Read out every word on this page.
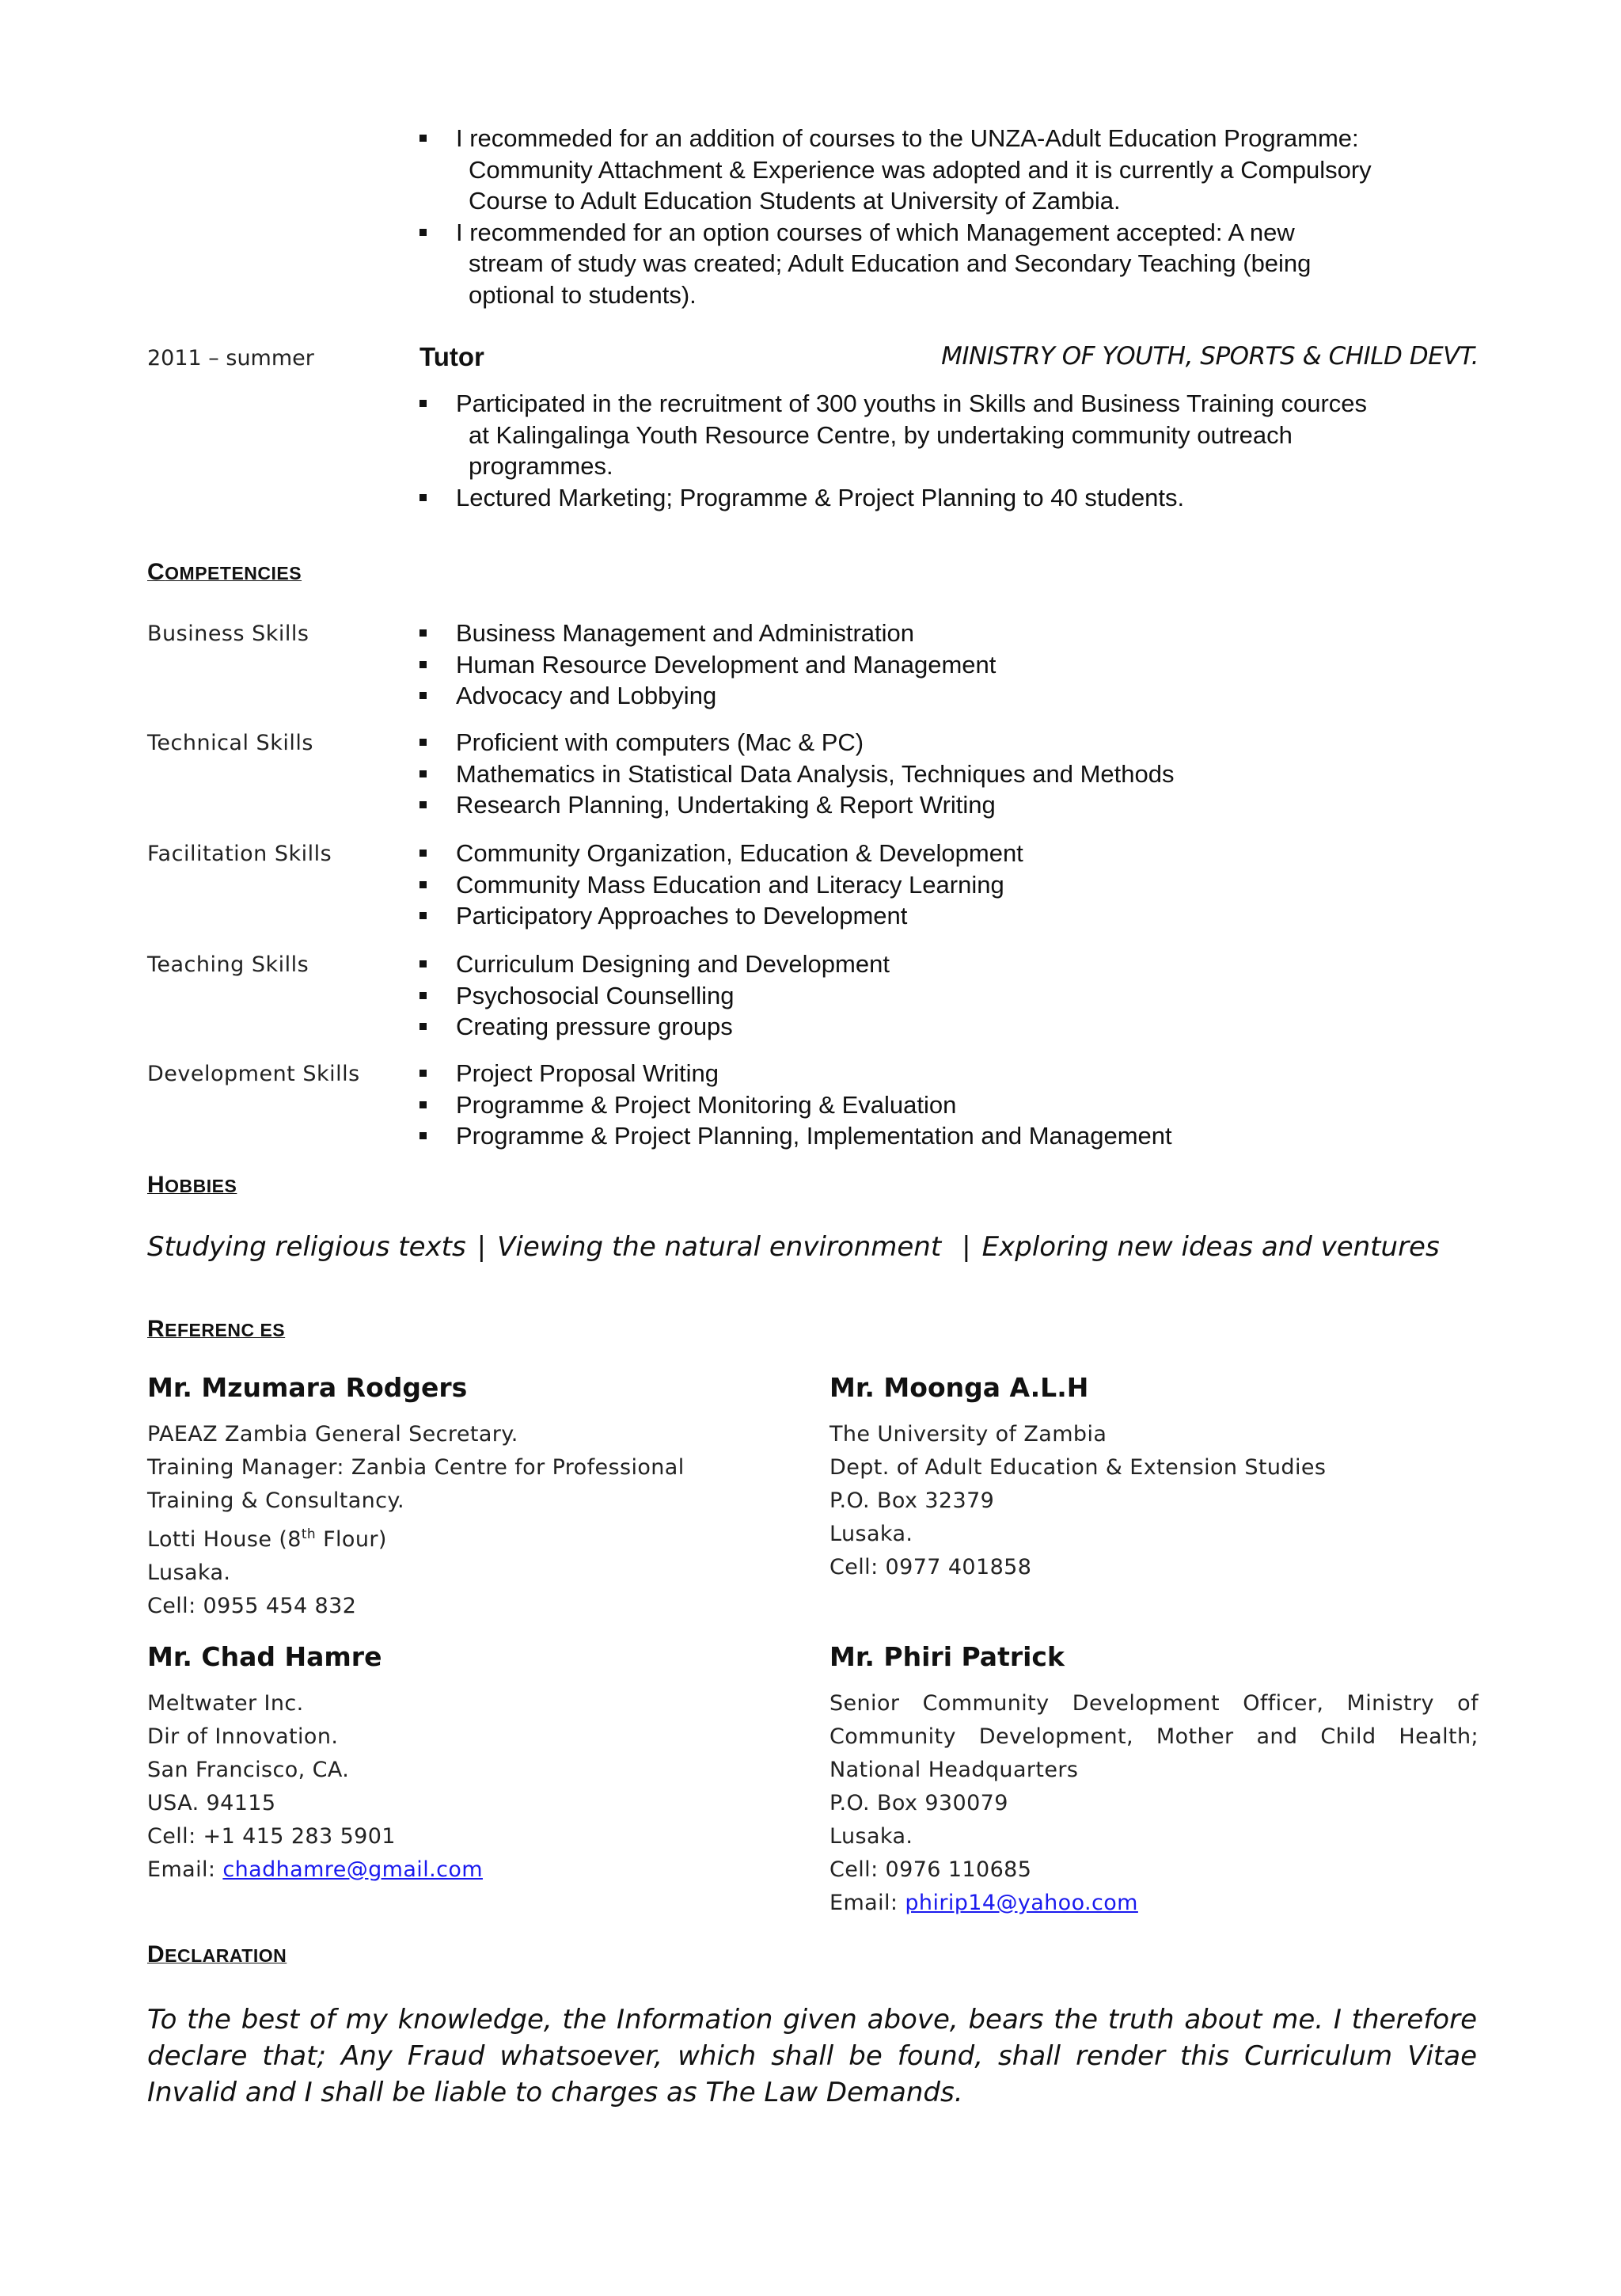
I recommeded for an addition of courses to the UNZA-Adult Education Programme:
Community Attachment & Experience was adopted and it is currently a Compulsory
Course to Adult Education Students at University of Zambia.
I recommended for an option courses of which Management accepted: A new
stream of study was created; Adult Education and Secondary Teaching (being
optional to students).
2011 – summer	Tutor	MINISTRY OF YOUTH, SPORTS & CHILD DEVT.
Participated in the recruitment of 300 youths in Skills and Business Training cources
at Kalingalinga Youth Resource Centre, by undertaking community outreach
programmes.
Lectured Marketing; Programme & Project Planning to 40 students.
COMPETENCIES
Business Skills	Business Management and Administration
Human Resource Development and Management
Advocacy and Lobbying
Technical Skills	Proficient with computers (Mac & PC)
Mathematics in Statistical Data Analysis, Techniques and Methods
Research Planning, Undertaking & Report Writing
Facilitation Skills	Community Organization, Education & Development
Community Mass Education and Literacy Learning
Participatory Approaches to Development
Teaching Skills	Curriculum Designing and Development
Psychosocial Counselling
Creating pressure groups
Development Skills	Project Proposal Writing
Programme & Project Monitoring & Evaluation
Programme & Project Planning, Implementation and Management
HOBBIES
Studying religious texts | Viewing the natural environment | Exploring new ideas and ventures
REFERENC ES
Mr. Mzumara Rodgers
PAEAZ Zambia General Secretary.
Training Manager: Zanbia Centre for Professional
Training & Consultancy.
Lotti House (8th Flour)
Lusaka.
Cell: 0955 454 832
Mr. Moonga A.L.H
The University of Zambia
Dept. of Adult Education & Extension Studies
P.O. Box 32379
Lusaka.
Cell: 0977 401858
Mr. Chad Hamre
Meltwater Inc.
Dir of Innovation.
San Francisco, CA.
USA. 94115
Cell: +1 415 283 5901
Email: chadhamre@gmail.com
Mr. Phiri Patrick
Senior Community Development Officer, Ministry of
Community Development, Mother and Child Health;
National Headquarters
P.O. Box 930079
Lusaka.
Cell: 0976 110685
Email: phirip14@yahoo.com
DECLARATION
To the best of my knowledge, the Information given above, bears the truth about me. I therefore declare that; Any Fraud whatsoever, which shall be found, shall render this Curriculum Vitae Invalid and I shall be liable to charges as The Law Demands.
